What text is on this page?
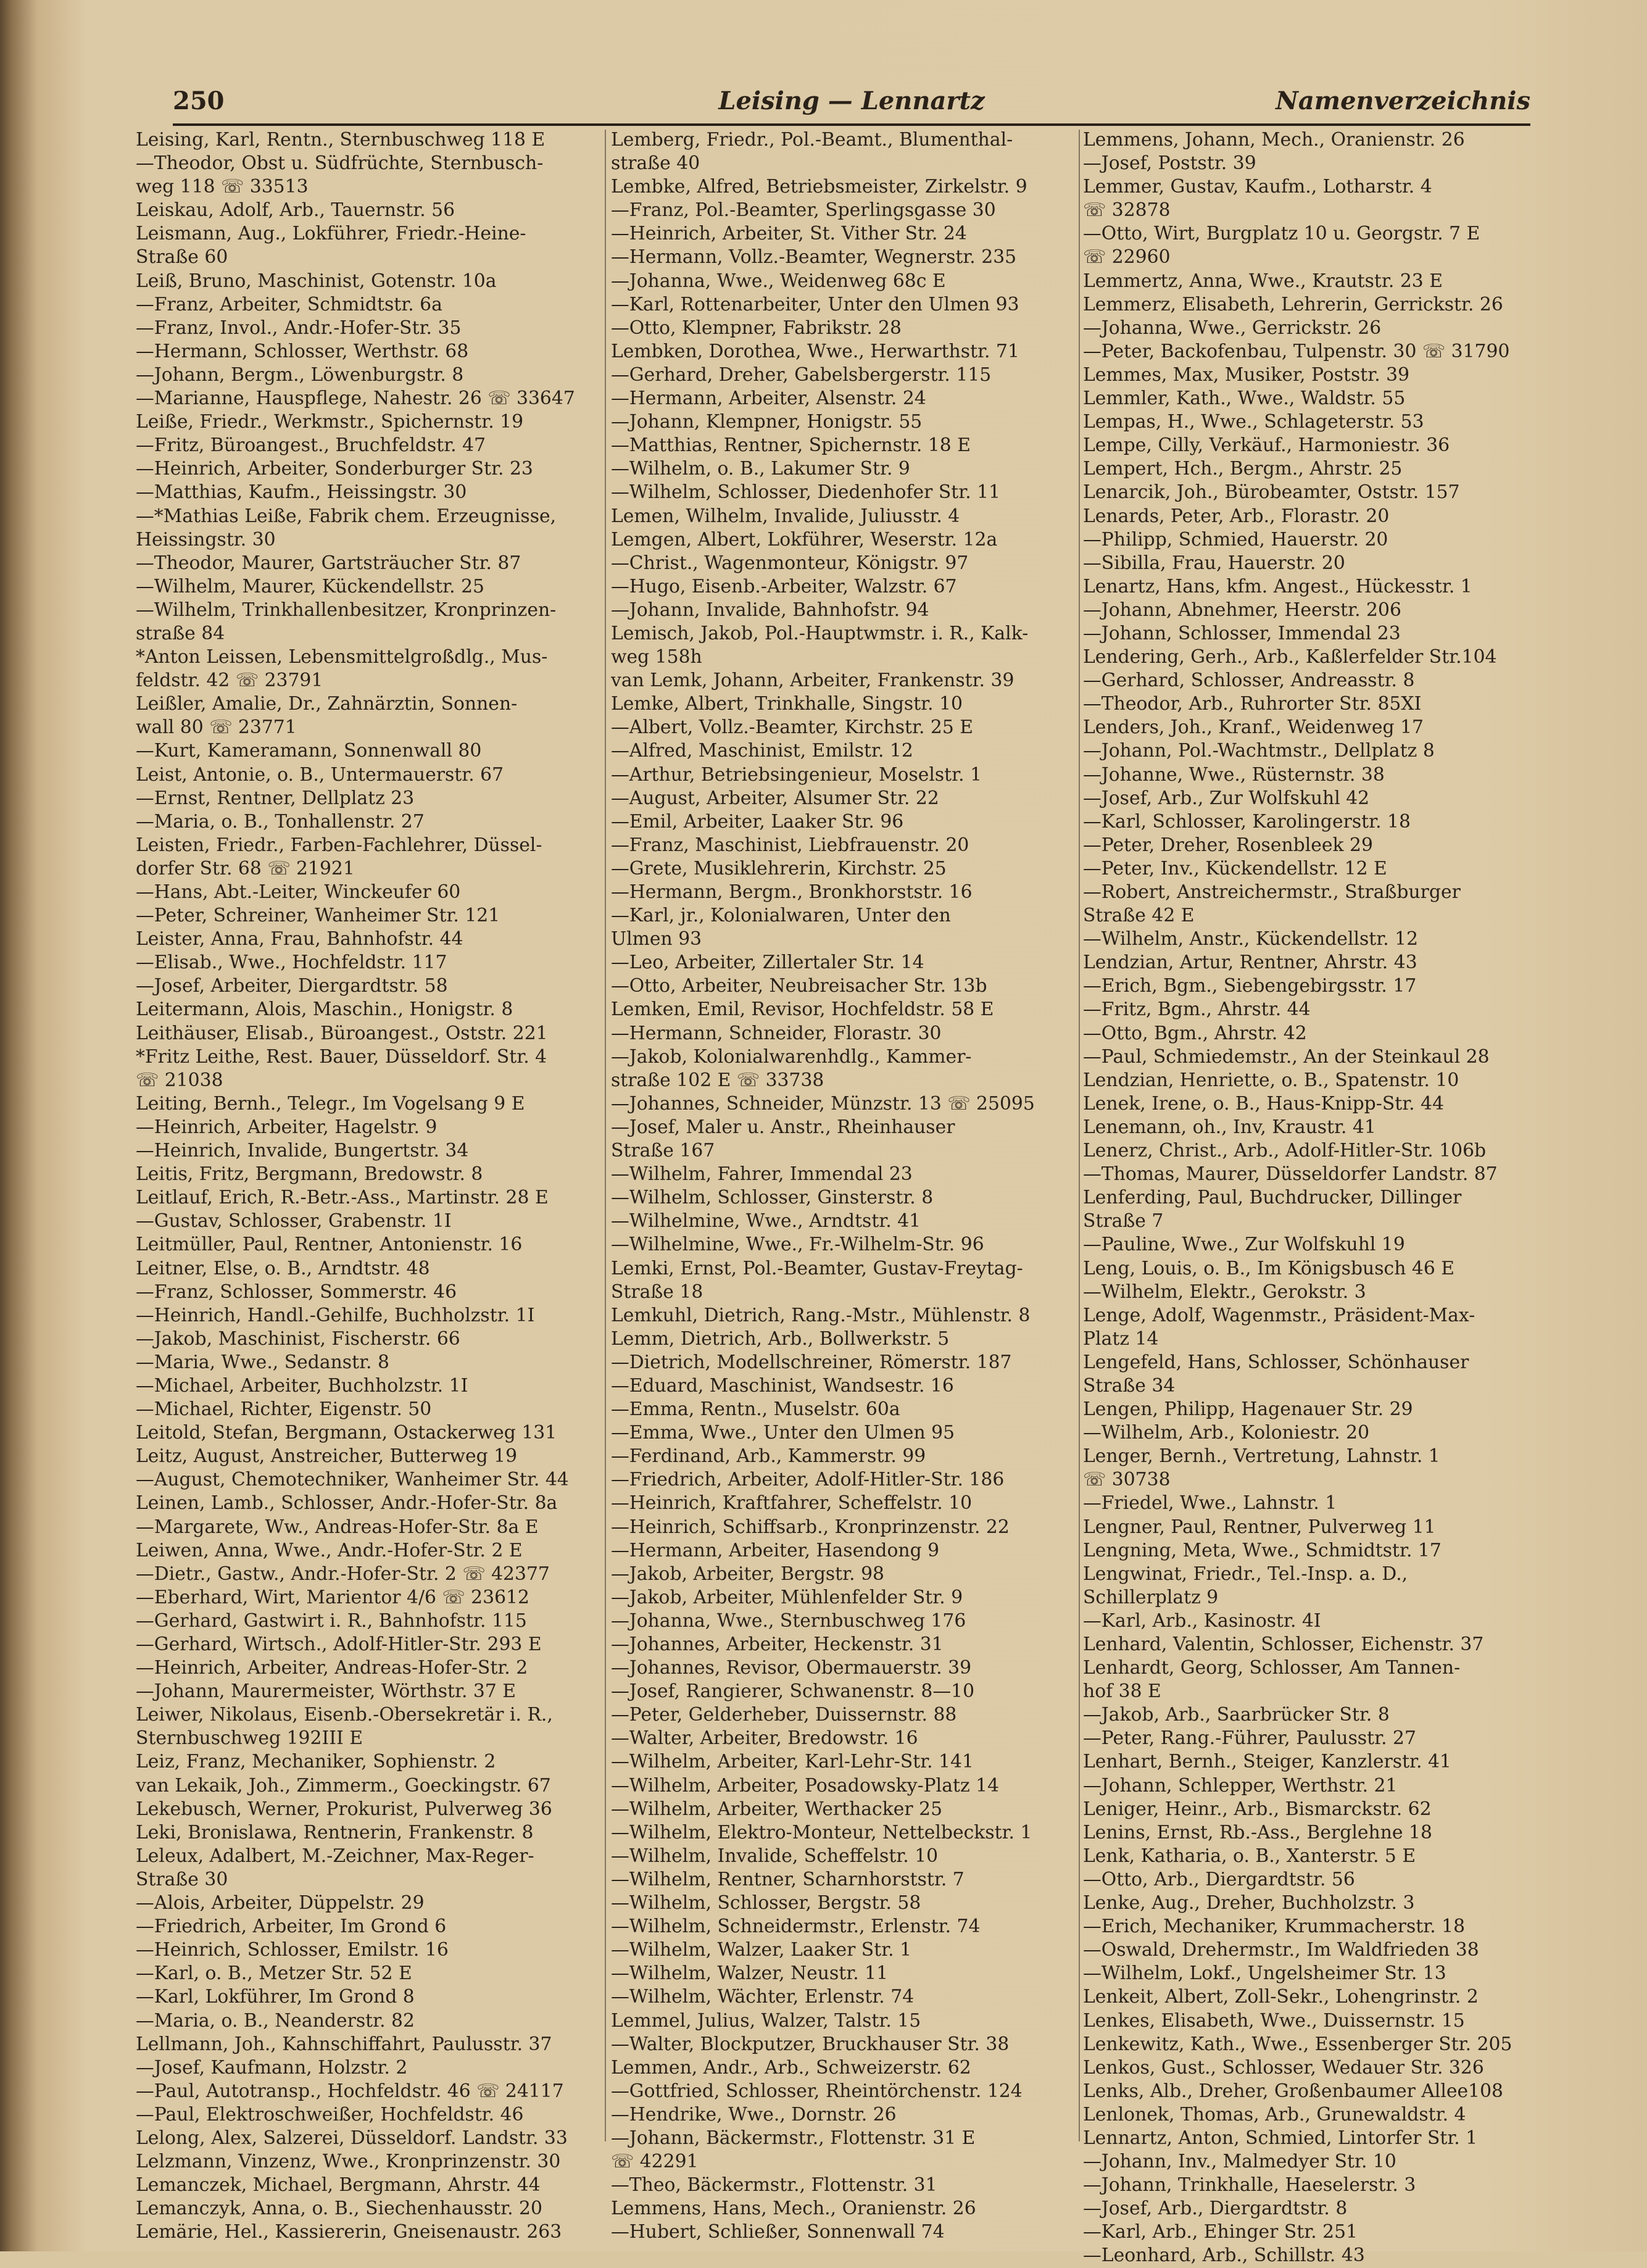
Leising — Lennartz
250	Namenverzeichnis
Leising, Karl, Rentn., Sternbuschweg 118 E
—Theodor, Obst u. Südfrüchte, Sternbusch-
weg 118 ☏ 33513
Leiskau, Adolf, Arb., Tauernstr. 56
Leismann, Aug., Lokführer, Friedr.-Heine-
Straße 60
Leiß, Bruno, Maschinist, Gotenstr. 10a
—Franz, Arbeiter, Schmidtstr. 6a
—Franz, Invol., Andr.-Hofer-Str. 35
—Hermann, Schlosser, Werthstr. 68
—Johann, Bergm., Löwenburgstr. 8
—Marianne, Hauspflege, Nahestr. 26 ☏ 33647
Leiße, Friedr., Werkmstr., Spichernstr. 19
—Fritz, Büroangest., Bruchfeldstr. 47
—Heinrich, Arbeiter, Sonderburger Str. 23
—Matthias, Kaufm., Heissingstr. 30
—*Mathias Leiße, Fabrik chem. Erzeugnisse,
Heissingstr. 30
—Theodor, Maurer, Gartsträucher Str. 87
—Wilhelm, Maurer, Kückendellstr. 25
—Wilhelm, Trinkhallenbesitzer, Kronprinzen-
straße 84
*Anton Leissen, Lebensmittelgroßdlg., Mus-
feldstr. 42 ☏ 23791
Leißler, Amalie, Dr., Zahnärztin, Sonnen-
wall 80 ☏ 23771
—Kurt, Kameramann, Sonnenwall 80
Leist, Antonie, o. B., Untermauerstr. 67
—Ernst, Rentner, Dellplatz 23
—Maria, o. B., Tonhallenstr. 27
Leisten, Friedr., Farben-Fachlehrer, Düssel-
dorfer Str. 68 ☏ 21921
—Hans, Abt.-Leiter, Winckeufer 60
—Peter, Schreiner, Wanheimer Str. 121
Leister, Anna, Frau, Bahnhofstr. 44
—Elisab., Wwe., Hochfeldstr. 117
—Josef, Arbeiter, Diergardtstr. 58
Leitermann, Alois, Maschin., Honigstr. 8
Leithäuser, Elisab., Büroangest., Oststr. 221
*Fritz Leithe, Rest. Bauer, Düsseldorf. Str. 4
☏ 21038
Leiting, Bernh., Telegr., Im Vogelsang 9 E
—Heinrich, Arbeiter, Hagelstr. 9
—Heinrich, Invalide, Bungertstr. 34
Leitis, Fritz, Bergmann, Bredowstr. 8
Leitlauf, Erich, R.-Betr.-Ass., Martinstr. 28 E
—Gustav, Schlosser, Grabenstr. 1I
Leitmüller, Paul, Rentner, Antonienstr. 16
Leitner, Else, o. B., Arndtstr. 48
—Franz, Schlosser, Sommerstr. 46
—Heinrich, Handl.-Gehilfe, Buchholzstr. 1I
—Jakob, Maschinist, Fischerstr. 66
—Maria, Wwe., Sedanstr. 8
—Michael, Arbeiter, Buchholzstr. 1I
—Michael, Richter, Eigenstr. 50
Leitold, Stefan, Bergmann, Ostackerweg 131
Leitz, August, Anstreicher, Butterweg 19
—August, Chemotechniker, Wanheimer Str. 44
Leinen, Lamb., Schlosser, Andr.-Hofer-Str. 8a
—Margarete, Ww., Andreas-Hofer-Str. 8a E
Leiwen, Anna, Wwe., Andr.-Hofer-Str. 2 E
—Dietr., Gastw., Andr.-Hofer-Str. 2 ☏ 42377
—Eberhard, Wirt, Marientor 4/6 ☏ 23612
—Gerhard, Gastwirt i. R., Bahnhofstr. 115
—Gerhard, Wirtsch., Adolf-Hitler-Str. 293 E
—Heinrich, Arbeiter, Andreas-Hofer-Str. 2
—Johann, Maurermeister, Wörthstr. 37 E
Leiwer, Nikolaus, Eisenb.-Obersekretär i. R.,
Sternbuschweg 192III E
Leiz, Franz, Mechaniker, Sophienstr. 2
van Lekaik, Joh., Zimmerm., Goeckingstr. 67
Lekebusch, Werner, Prokurist, Pulverweg 36
Leki, Bronislawa, Rentnerin, Frankenstr. 8
Leleux, Adalbert, M.-Zeichner, Max-Reger-
Straße 30
—Alois, Arbeiter, Düppelstr. 29
—Friedrich, Arbeiter, Im Grond 6
—Heinrich, Schlosser, Emilstr. 16
—Karl, o. B., Metzer Str. 52 E
—Karl, Lokführer, Im Grond 8
—Maria, o. B., Neanderstr. 82
Lellmann, Joh., Kahnschiffahrt, Paulusstr. 37
—Josef, Kaufmann, Holzstr. 2
—Paul, Autotransp., Hochfeldstr. 46 ☏ 24117
—Paul, Elektroschweißer, Hochfeldstr. 46
Lelong, Alex, Salzerei, Düsseldorf. Landstr. 33
Lelzmann, Vinzenz, Wwe., Kronprinzenstr. 30
Lemanczek, Michael, Bergmann, Ahrstr. 44
Lemanczyk, Anna, o. B., Siechenhausstr. 20
Lemärie, Hel., Kassiererin, Gneisenaustr. 263
Lemberg, Friedr., Pol.-Beamt., Blumenthal-
straße 40
Lembke, Alfred, Betriebsmeister, Zirkelstr. 9
—Franz, Pol.-Beamter, Sperlingsgasse 30
—Heinrich, Arbeiter, St. Vither Str. 24
—Hermann, Vollz.-Beamter, Wegnerstr. 235
—Johanna, Wwe., Weidenweg 68c E
—Karl, Rottenarbeiter, Unter den Ulmen 93
—Otto, Klempner, Fabrikstr. 28
Lembken, Dorothea, Wwe., Herwarthstr. 71
—Gerhard, Dreher, Gabelsbergerstr. 115
—Hermann, Arbeiter, Alsenstr. 24
—Johann, Klempner, Honigstr. 55
—Matthias, Rentner, Spichernstr. 18 E
—Wilhelm, o. B., Lakumer Str. 9
—Wilhelm, Schlosser, Diedenhofer Str. 11
Lemen, Wilhelm, Invalide, Juliusstr. 4
Lemgen, Albert, Lokführer, Weserstr. 12a
—Christ., Wagenmonteur, Königstr. 97
—Hugo, Eisenb.-Arbeiter, Walzstr. 67
—Johann, Invalide, Bahnhofstr. 94
Lemisch, Jakob, Pol.-Hauptwmstr. i. R., Kalk-
weg 158h
van Lemk, Johann, Arbeiter, Frankenstr. 39
Lemke, Albert, Trinkhalle, Singstr. 10
—Albert, Vollz.-Beamter, Kirchstr. 25 E
—Alfred, Maschinist, Emilstr. 12
—Arthur, Betriebsingenieur, Moselstr. 1
—August, Arbeiter, Alsumer Str. 22
—Emil, Arbeiter, Laaker Str. 96
—Franz, Maschinist, Liebfrauenstr. 20
—Grete, Musiklehrerin, Kirchstr. 25
—Hermann, Bergm., Bronkhorststr. 16
—Karl, jr., Kolonialwaren, Unter den
Ulmen 93
—Leo, Arbeiter, Zillertaler Str. 14
—Otto, Arbeiter, Neubreisacher Str. 13b
Lemken, Emil, Revisor, Hochfeldstr. 58 E
—Hermann, Schneider, Florastr. 30
—Jakob, Kolonialwarenhdlg., Kammer-
straße 102 E ☏ 33738
—Johannes, Schneider, Münzstr. 13 ☏ 25095
—Josef, Maler u. Anstr., Rheinhauser
Straße 167
—Wilhelm, Fahrer, Immendal 23
—Wilhelm, Schlosser, Ginsterstr. 8
—Wilhelmine, Wwe., Arndtstr. 41
—Wilhelmine, Wwe., Fr.-Wilhelm-Str. 96
Lemki, Ernst, Pol.-Beamter, Gustav-Freytag-
Straße 18
Lemkuhl, Dietrich, Rang.-Mstr., Mühlenstr. 8
Lemm, Dietrich, Arb., Bollwerkstr. 5
—Dietrich, Modellschreiner, Römerstr. 187
—Eduard, Maschinist, Wandsestr. 16
—Emma, Rentn., Muselstr. 60a
—Emma, Wwe., Unter den Ulmen 95
—Ferdinand, Arb., Kammerstr. 99
—Friedrich, Arbeiter, Adolf-Hitler-Str. 186
—Heinrich, Kraftfahrer, Scheffelstr. 10
—Heinrich, Schiffsarb., Kronprinzenstr. 22
—Hermann, Arbeiter, Hasendong 9
—Jakob, Arbeiter, Bergstr. 98
—Jakob, Arbeiter, Mühlenfelder Str. 9
—Johanna, Wwe., Sternbuschweg 176
—Johannes, Arbeiter, Heckenstr. 31
—Johannes, Revisor, Obermauerstr. 39
—Josef, Rangierer, Schwanenstr. 8—10
—Peter, Gelderheber, Duissernstr. 88
—Walter, Arbeiter, Bredowstr. 16
—Wilhelm, Arbeiter, Karl-Lehr-Str. 141
—Wilhelm, Arbeiter, Posadowsky-Platz 14
—Wilhelm, Arbeiter, Werthacker 25
—Wilhelm, Elektro-Monteur, Nettelbeckstr. 1
—Wilhelm, Invalide, Scheffelstr. 10
—Wilhelm, Rentner, Scharnhorststr. 7
—Wilhelm, Schlosser, Bergstr. 58
—Wilhelm, Schneidermstr., Erlenstr. 74
—Wilhelm, Walzer, Laaker Str. 1
—Wilhelm, Walzer, Neustr. 11
—Wilhelm, Wächter, Erlenstr. 74
Lemmel, Julius, Walzer, Talstr. 15
—Walter, Blockputzer, Bruckhauser Str. 38
Lemmen, Andr., Arb., Schweizerstr. 62
—Gottfried, Schlosser, Rheintörchenstr. 124
—Hendrike, Wwe., Dornstr. 26
—Johann, Bäckermstr., Flottenstr. 31 E
☏ 42291
—Theo, Bäckermstr., Flottenstr. 31
Lemmens, Hans, Mech., Oranienstr. 26
—Hubert, Schließer, Sonnenwall 74
Lemmens, Johann, Mech., Oranienstr. 26
—Josef, Poststr. 39
Lemmer, Gustav, Kaufm., Lotharstr. 4
☏ 32878
—Otto, Wirt, Burgplatz 10 u. Georgstr. 7 E
☏ 22960
Lemmertz, Anna, Wwe., Krautstr. 23 E
Lemmerz, Elisabeth, Lehrerin, Gerrickstr. 26
—Johanna, Wwe., Gerrickstr. 26
—Peter, Backofenbau, Tulpenstr. 30 ☏ 31790
Lemmes, Max, Musiker, Poststr. 39
Lemmler, Kath., Wwe., Waldstr. 55
Lempas, H., Wwe., Schlageterstr. 53
Lempe, Cilly, Verkäuf., Harmoniestr. 36
Lempert, Hch., Bergm., Ahrstr. 25
Lenarcik, Joh., Bürobeamter, Oststr. 157
Lenards, Peter, Arb., Florastr. 20
—Philipp, Schmied, Hauerstr. 20
—Sibilla, Frau, Hauerstr. 20
Lenartz, Hans, kfm. Angest., Hückesstr. 1
—Johann, Abnehmer, Heerstr. 206
—Johann, Schlosser, Immendal 23
Lendering, Gerh., Arb., Kaßlerfelder Str.104
—Gerhard, Schlosser, Andreasstr. 8
—Theodor, Arb., Ruhrorter Str. 85XI
Lenders, Joh., Kranf., Weidenweg 17
—Johann, Pol.-Wachtmstr., Dellplatz 8
—Johanne, Wwe., Rüsternstr. 38
—Josef, Arb., Zur Wolfskuhl 42
—Karl, Schlosser, Karolingerstr. 18
—Peter, Dreher, Rosenbleek 29
—Peter, Inv., Kückendellstr. 12 E
—Robert, Anstreichermstr., Straßburger
Straße 42 E
—Wilhelm, Anstr., Kückendellstr. 12
Lendzian, Artur, Rentner, Ahrstr. 43
—Erich, Bgm., Siebengebirgsstr. 17
—Fritz, Bgm., Ahrstr. 44
—Otto, Bgm., Ahrstr. 42
—Paul, Schmiedemstr., An der Steinkaul 28
Lendzian, Henriette, o. B., Spatenstr. 10
Lenek, Irene, o. B., Haus-Knipp-Str. 44
Lenemann, oh., Inv, Kraustr. 41
Lenerz, Christ., Arb., Adolf-Hitler-Str. 106b
—Thomas, Maurer, Düsseldorfer Landstr. 87
Lenferding, Paul, Buchdrucker, Dillinger
Straße 7
—Pauline, Wwe., Zur Wolfskuhl 19
Leng, Louis, o. B., Im Königsbusch 46 E
—Wilhelm, Elektr., Gerokstr. 3
Lenge, Adolf, Wagenmstr., Präsident-Max-
Platz 14
Lengefeld, Hans, Schlosser, Schönhauser
Straße 34
Lengen, Philipp, Hagenauer Str. 29
—Wilhelm, Arb., Koloniestr. 20
Lenger, Bernh., Vertretung, Lahnstr. 1
☏ 30738
—Friedel, Wwe., Lahnstr. 1
Lengner, Paul, Rentner, Pulverweg 11
Lengning, Meta, Wwe., Schmidtstr. 17
Lengwinat, Friedr., Tel.-Insp. a. D.,
Schillerplatz 9
—Karl, Arb., Kasinostr. 4I
Lenhard, Valentin, Schlosser, Eichenstr. 37
Lenhardt, Georg, Schlosser, Am Tannen-
hof 38 E
—Jakob, Arb., Saarbrücker Str. 8
—Peter, Rang.-Führer, Paulusstr. 27
Lenhart, Bernh., Steiger, Kanzlerstr. 41
—Johann, Schlepper, Werthstr. 21
Leniger, Heinr., Arb., Bismarckstr. 62
Lenins, Ernst, Rb.-Ass., Berglehne 18
Lenk, Katharia, o. B., Xanterstr. 5 E
—Otto, Arb., Diergardtstr. 56
Lenke, Aug., Dreher, Buchholzstr. 3
—Erich, Mechaniker, Krummacherstr. 18
—Oswald, Drehermstr., Im Waldfrieden 38
—Wilhelm, Lokf., Ungelsheimer Str. 13
Lenkeit, Albert, Zoll-Sekr., Lohengrinstr. 2
Lenkes, Elisabeth, Wwe., Duissernstr. 15
Lenkewitz, Kath., Wwe., Essenberger Str. 205
Lenkos, Gust., Schlosser, Wedauer Str. 326
Lenks, Alb., Dreher, Großenbaumer Allee108
Lenlonek, Thomas, Arb., Grunewaldstr. 4
Lennartz, Anton, Schmied, Lintorfer Str. 1
—Johann, Inv., Malmedyer Str. 10
—Johann, Trinkhalle, Haeselerstr. 3
—Josef, Arb., Diergardtstr. 8
—Karl, Arb., Ehinger Str. 251
—Leonhard, Arb., Schillstr. 43
